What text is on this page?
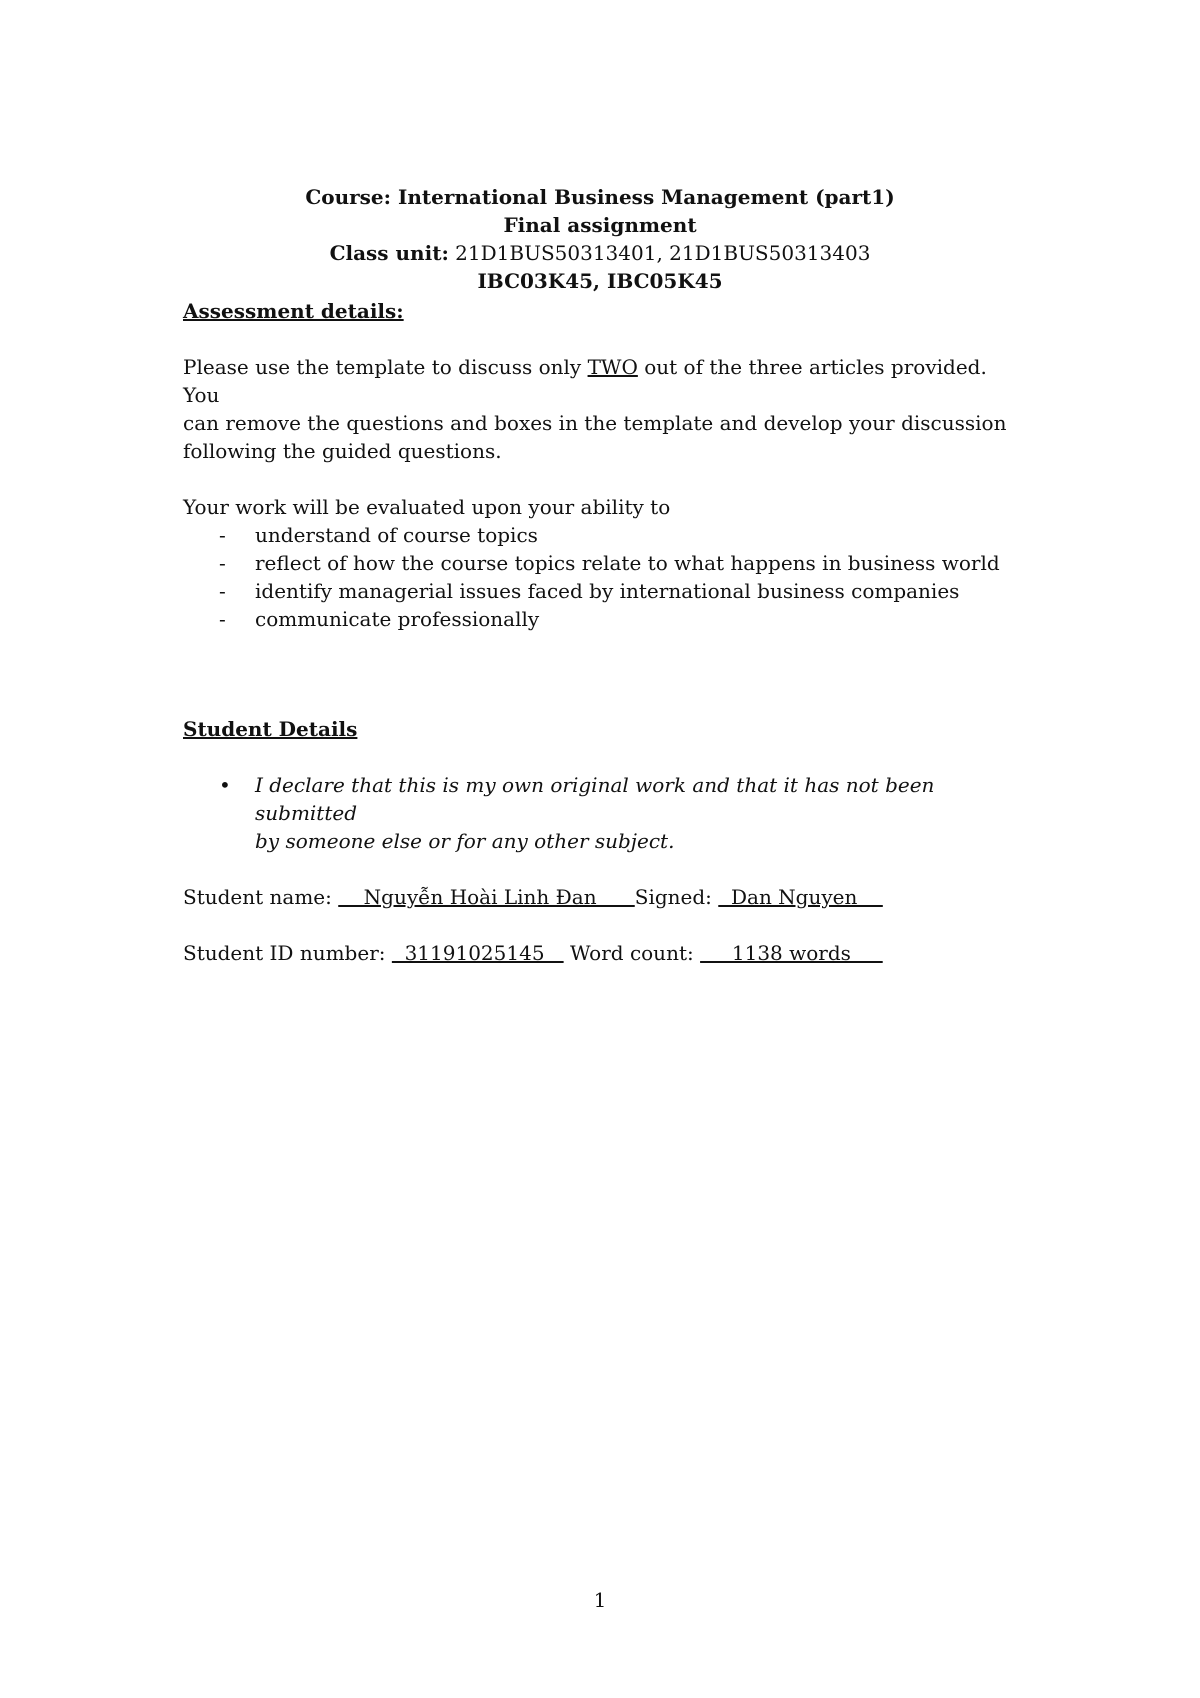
Course: International Business Management (part1)
Final assignment
Class unit: 21D1BUS50313401, 21D1BUS50313403
IBC03K45, IBC05K45
Assessment details:

Please use the template to discuss only TWO out of the three articles provided. You
can remove the questions and boxes in the template and develop your discussion
following the guided questions.

Your work will be evaluated upon your ability to

- understand of course topics
- reflect of how the course topics relate to what happens in business world
- identify managerial issues faced by international business companies
- communicate professionally
Student Details
• I declare that this is my own original work and that it has not been submitted
by someone else or for any other subject.
Student name:     Nguyễn Hoài Linh Đan      Signed:   Dan Nguyen
Student ID number:   31191025145    Word count:      1138 words
1
